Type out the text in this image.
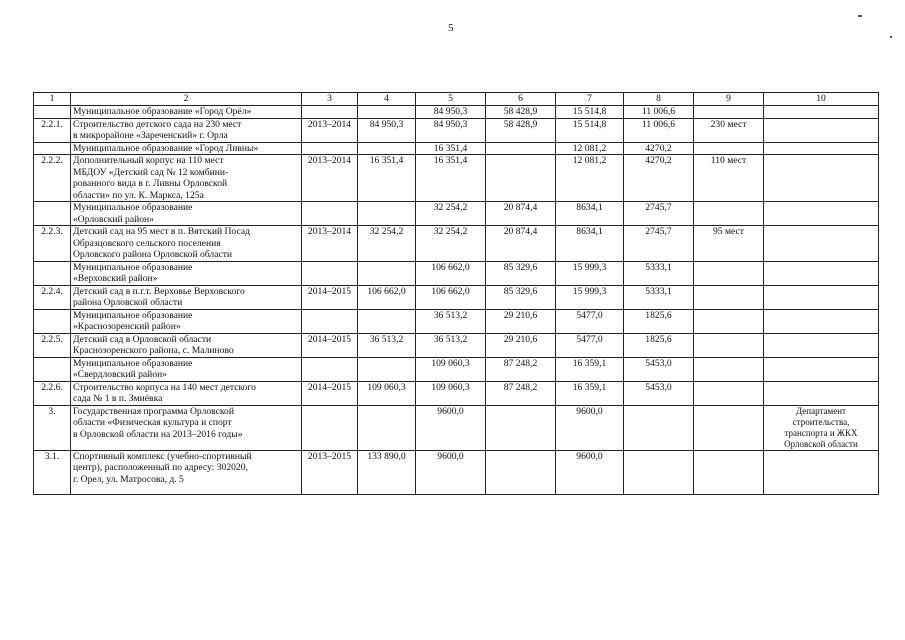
5
1	2	3	4	5	6	7	8	9	10
	Муниципальное образование «Город Орёл»			84 950,3	58 428,9	15 514,8	11 006,6		
2.2.1.	Строительство детского сада на 230 мест
в микрорайоне «Зареченский» г. Орла	2013–2014	84 950,3	84 950,3	58 428,9	15 514,8	11 006,6	230 мест	
	Муниципальное образование «Город Ливны»			16 351,4		12 081,2	4270,2		
2.2.2.	Дополнительный корпус на 110 мест
МБДОУ «Детский сад № 12 комбини-
рованного вида в г. Ливны Орловской
области» по ул. К. Маркса, 125а	2013–2014	16 351,4	16 351,4		12 081,2	4270,2	110 мест	
	Муниципальное образование
«Орловский район»			32 254,2	20 874,4	8634,1	2745,7		
2.2.3.	Детский сад на 95 мест в п. Вятский Посад
Образцовского сельского поселения
Орловского района Орловской области	2013–2014	32 254,2	32 254,2	20 874,4	8634,1	2745,7	95 мест	
	Муниципальное образование
«Верховский район»			106 662,0	85 329,6	15 999,3	5333,1		
2.2.4.	Детский сад в п.г.т. Верховье Верховского
района Орловской области	2014–2015	106 662,0	106 662,0	85 329,6	15 999,3	5333,1		
	Муниципальное образование
«Краснозоренский район»			36 513,2	29 210,6	5477,0	1825,6		
2.2.5.	Детский сад в Орловской области
Краснозоренского района, с. Малиново	2014–2015	36 513,2	36 513,2	29 210,6	5477,0	1825,6		
	Муниципальное образование
«Свердловский район»			109 060,3	87 248,2	16 359,1	5453,0		
2.2.6.	Строительство корпуса на 140 мест детского
сада № 1 в п. Змиёвка	2014–2015	109 060,3	109 060,3	87 248,2	16 359,1	5453,0		
3.	Государственная программа Орловской
области «Физическая культура и спорт
в Орловской области на 2013–2016 годы»			9600,0		9600,0			Департамент
строительства,
транспорта и ЖКХ
Орловской области
3.1.	Спортивный комплекс (учебно-спортивный
центр), расположенный по адресу: 302020,
г. Орел, ул. Матросова, д. 5	2013–2015	133 890,0	9600,0		9600,0			
